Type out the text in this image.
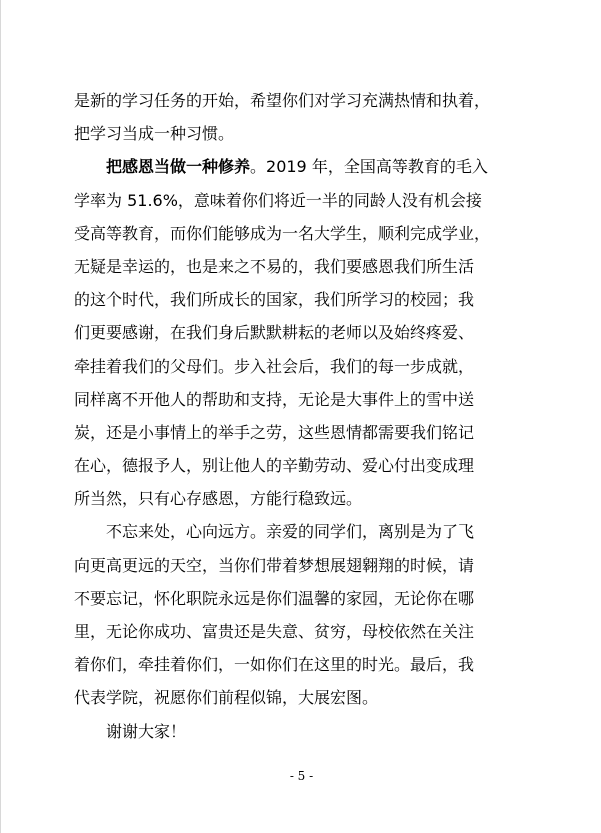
是新的学习任务的开始，希望你们对学习充满热情和执着，
把学习当成一种习惯。
把感恩当做一种修养。2019 年，全国高等教育的毛入
学率为 51.6%，意味着你们将近一半的同龄人没有机会接
受高等教育，而你们能够成为一名大学生，顺利完成学业，
无疑是幸运的，也是来之不易的，我们要感恩我们所生活
的这个时代，我们所成长的国家，我们所学习的校园；我
们更要感谢，在我们身后默默耕耘的老师以及始终疼爱、
牵挂着我们的父母们。步入社会后，我们的每一步成就，
同样离不开他人的帮助和支持，无论是大事件上的雪中送
炭，还是小事情上的举手之劳，这些恩情都需要我们铭记
在心，德报予人，别让他人的辛勤劳动、爱心付出变成理
所当然，只有心存感恩，方能行稳致远。
不忘来处，心向远方。亲爱的同学们，离别是为了飞
向更高更远的天空，当你们带着梦想展翅翱翔的时候，请
不要忘记，怀化职院永远是你们温馨的家园，无论你在哪
里，无论你成功、富贵还是失意、贫穷，母校依然在关注
着你们，牵挂着你们，一如你们在这里的时光。最后，我
代表学院，祝愿你们前程似锦，大展宏图。
谢谢大家！
- 5 -
